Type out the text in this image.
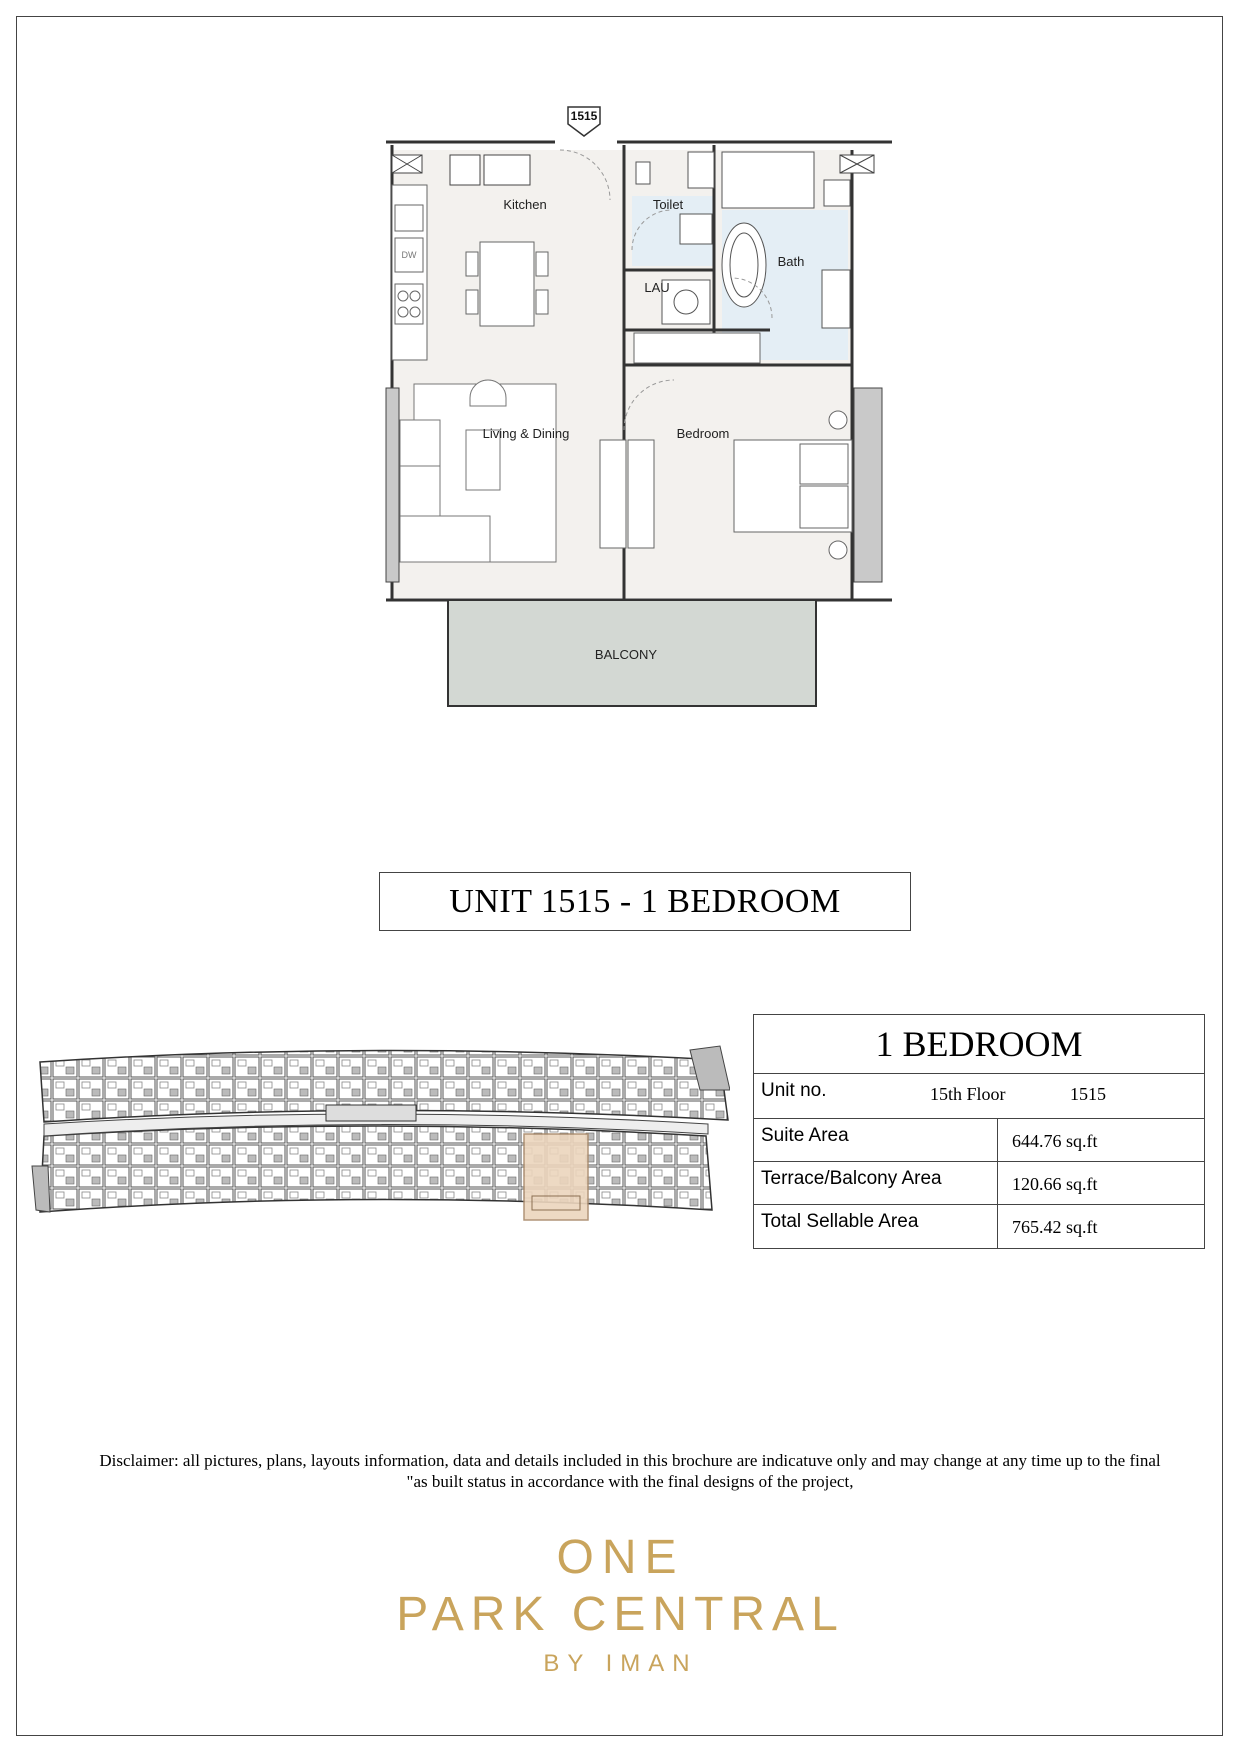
1515
Kitchen	Toilet
Bath
LAU
Living & Dining	Bedroom
BALCONY
DW
UNIT 1515 - 1 BEDROOM
1 BEDROOM
Unit no.	15th Floor	1515
Suite Area	644.76 sq.ft
Terrace/Balcony Area	120.66 sq.ft
Total Sellable Area	765.42 sq.ft
Disclaimer: all pictures, plans, layouts information, data and details included in this brochure are indicatuve only and may change at any time up to the final
"as built status in accordance with the final designs of the project,
ONE
PARK CENTRAL
BY IMAN
